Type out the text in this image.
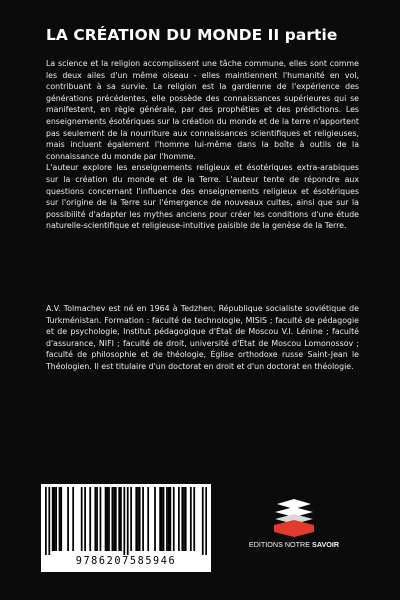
LA CRÉATION DU MONDE II partie

La science et la religion accomplissent une tâche commune, elles sont comme les deux ailes d'un même oiseau - elles maintiennent l'humanité en vol, contribuant à sa survie. La religion est la gardienne de l'expérience des générations précédentes, elle possède des connaissances supérieures qui se manifestent, en règle générale, par des prophéties et des prédictions. Les enseignements ésotériques sur la création du monde et de la terre n'apportent pas seulement de la nourriture aux connaissances scientifiques et religieuses, mais incluent également l'homme lui-même dans la boîte à outils de la connaissance du monde par l'homme.

L'auteur explore les enseignements religieux et ésotériques extra-arabiques sur la création du monde et de la Terre. L'auteur tente de répondre aux questions concernant l'influence des enseignements religieux et ésotériques sur l'origine de la Terre sur l'émergence de nouveaux cultes, ainsi que sur la possibilité d'adapter les mythes anciens pour créer les conditions d'une étude naturelle-scientifique et religieuse-intuitive paisible de la genèse de la Terre.

A.V. Tolmachev est né en 1964 à Tedzhen, République socialiste soviétique de Turkménistan. Formation : faculté de technologie, MISIS ; faculté de pédagogie et de psychologie, Institut pédagogique d'État de Moscou V.I. Lénine ; faculté d'assurance, NIFI ; faculté de droit, université d'État de Moscou Lomonossov ; faculté de philosophie et de théologie, Église orthodoxe russe Saint-Jean le Théologien. Il est titulaire d'un doctorat en droit et d'un doctorat en théologie.

9786207585946
EDITIONS NOTRE SAVOIR
